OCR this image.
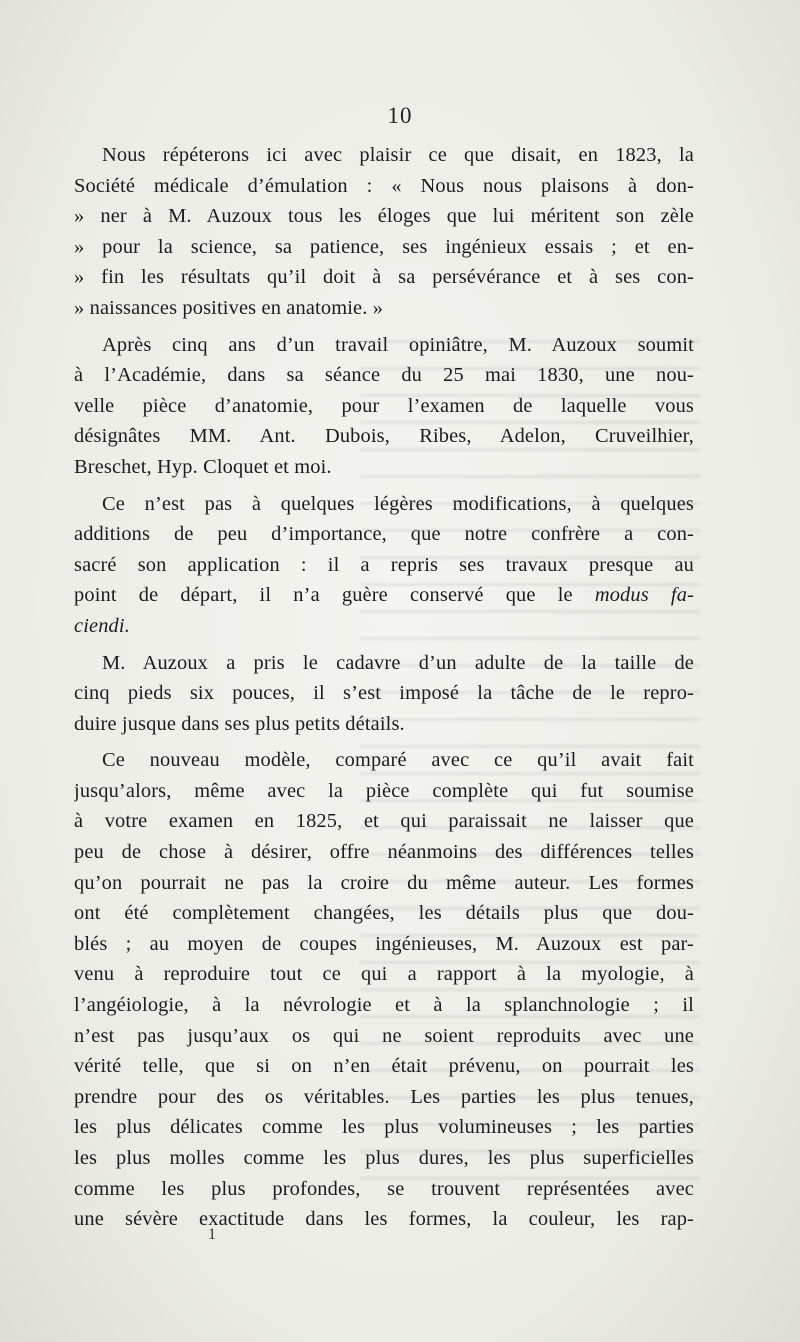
10

Nous répéterons ici avec plaisir ce que disait, en 1823, la
Société médicale d’émulation : « Nous nous plaisons à don-
» ner à M. Auzoux tous les éloges que lui méritent son zèle
» pour la science, sa patience, ses ingénieux essais ; et en-
» fin les résultats qu’il doit à sa persévérance et à ses con-
» naissances positives en anatomie. »

Après cinq ans d’un travail opiniâtre, M. Auzoux soumit
à l’Académie, dans sa séance du 25 mai 1830, une nou-
velle pièce d’anatomie, pour l’examen de laquelle vous
désignâtes MM. Ant. Dubois, Ribes, Adelon, Cruveilhier,
Breschet, Hyp. Cloquet et moi.

Ce n’est pas à quelques légères modifications, à quelques
additions de peu d’importance, que notre confrère a con-
sacré son application : il a repris ses travaux presque au
point de départ, il n’a guère conservé que le modus fa-
ciendi.

M. Auzoux a pris le cadavre d’un adulte de la taille de
cinq pieds six pouces, il s’est imposé la tâche de le repro-
duire jusque dans ses plus petits détails.

Ce nouveau modèle, comparé avec ce qu’il avait fait
jusqu’alors, même avec la pièce complète qui fut soumise
à votre examen en 1825, et qui paraissait ne laisser que
peu de chose à désirer, offre néanmoins des différences telles
qu’on pourrait ne pas la croire du même auteur. Les formes
ont été complètement changées, les détails plus que dou-
blés ; au moyen de coupes ingénieuses, M. Auzoux est par-
venu à reproduire tout ce qui a rapport à la myologie, à
l’angéiologie, à la névrologie et à la splanchnologie ; il
n’est pas jusqu’aux os qui ne soient reproduits avec une
vérité telle, que si on n’en était prévenu, on pourrait les
prendre pour des os véritables. Les parties les plus tenues,
les plus délicates comme les plus volumineuses ; les parties
les plus molles comme les plus dures, les plus superficielles
comme les plus profondes, se trouvent représentées avec
une sévère exactitude dans les formes, la couleur, les rap-

1
